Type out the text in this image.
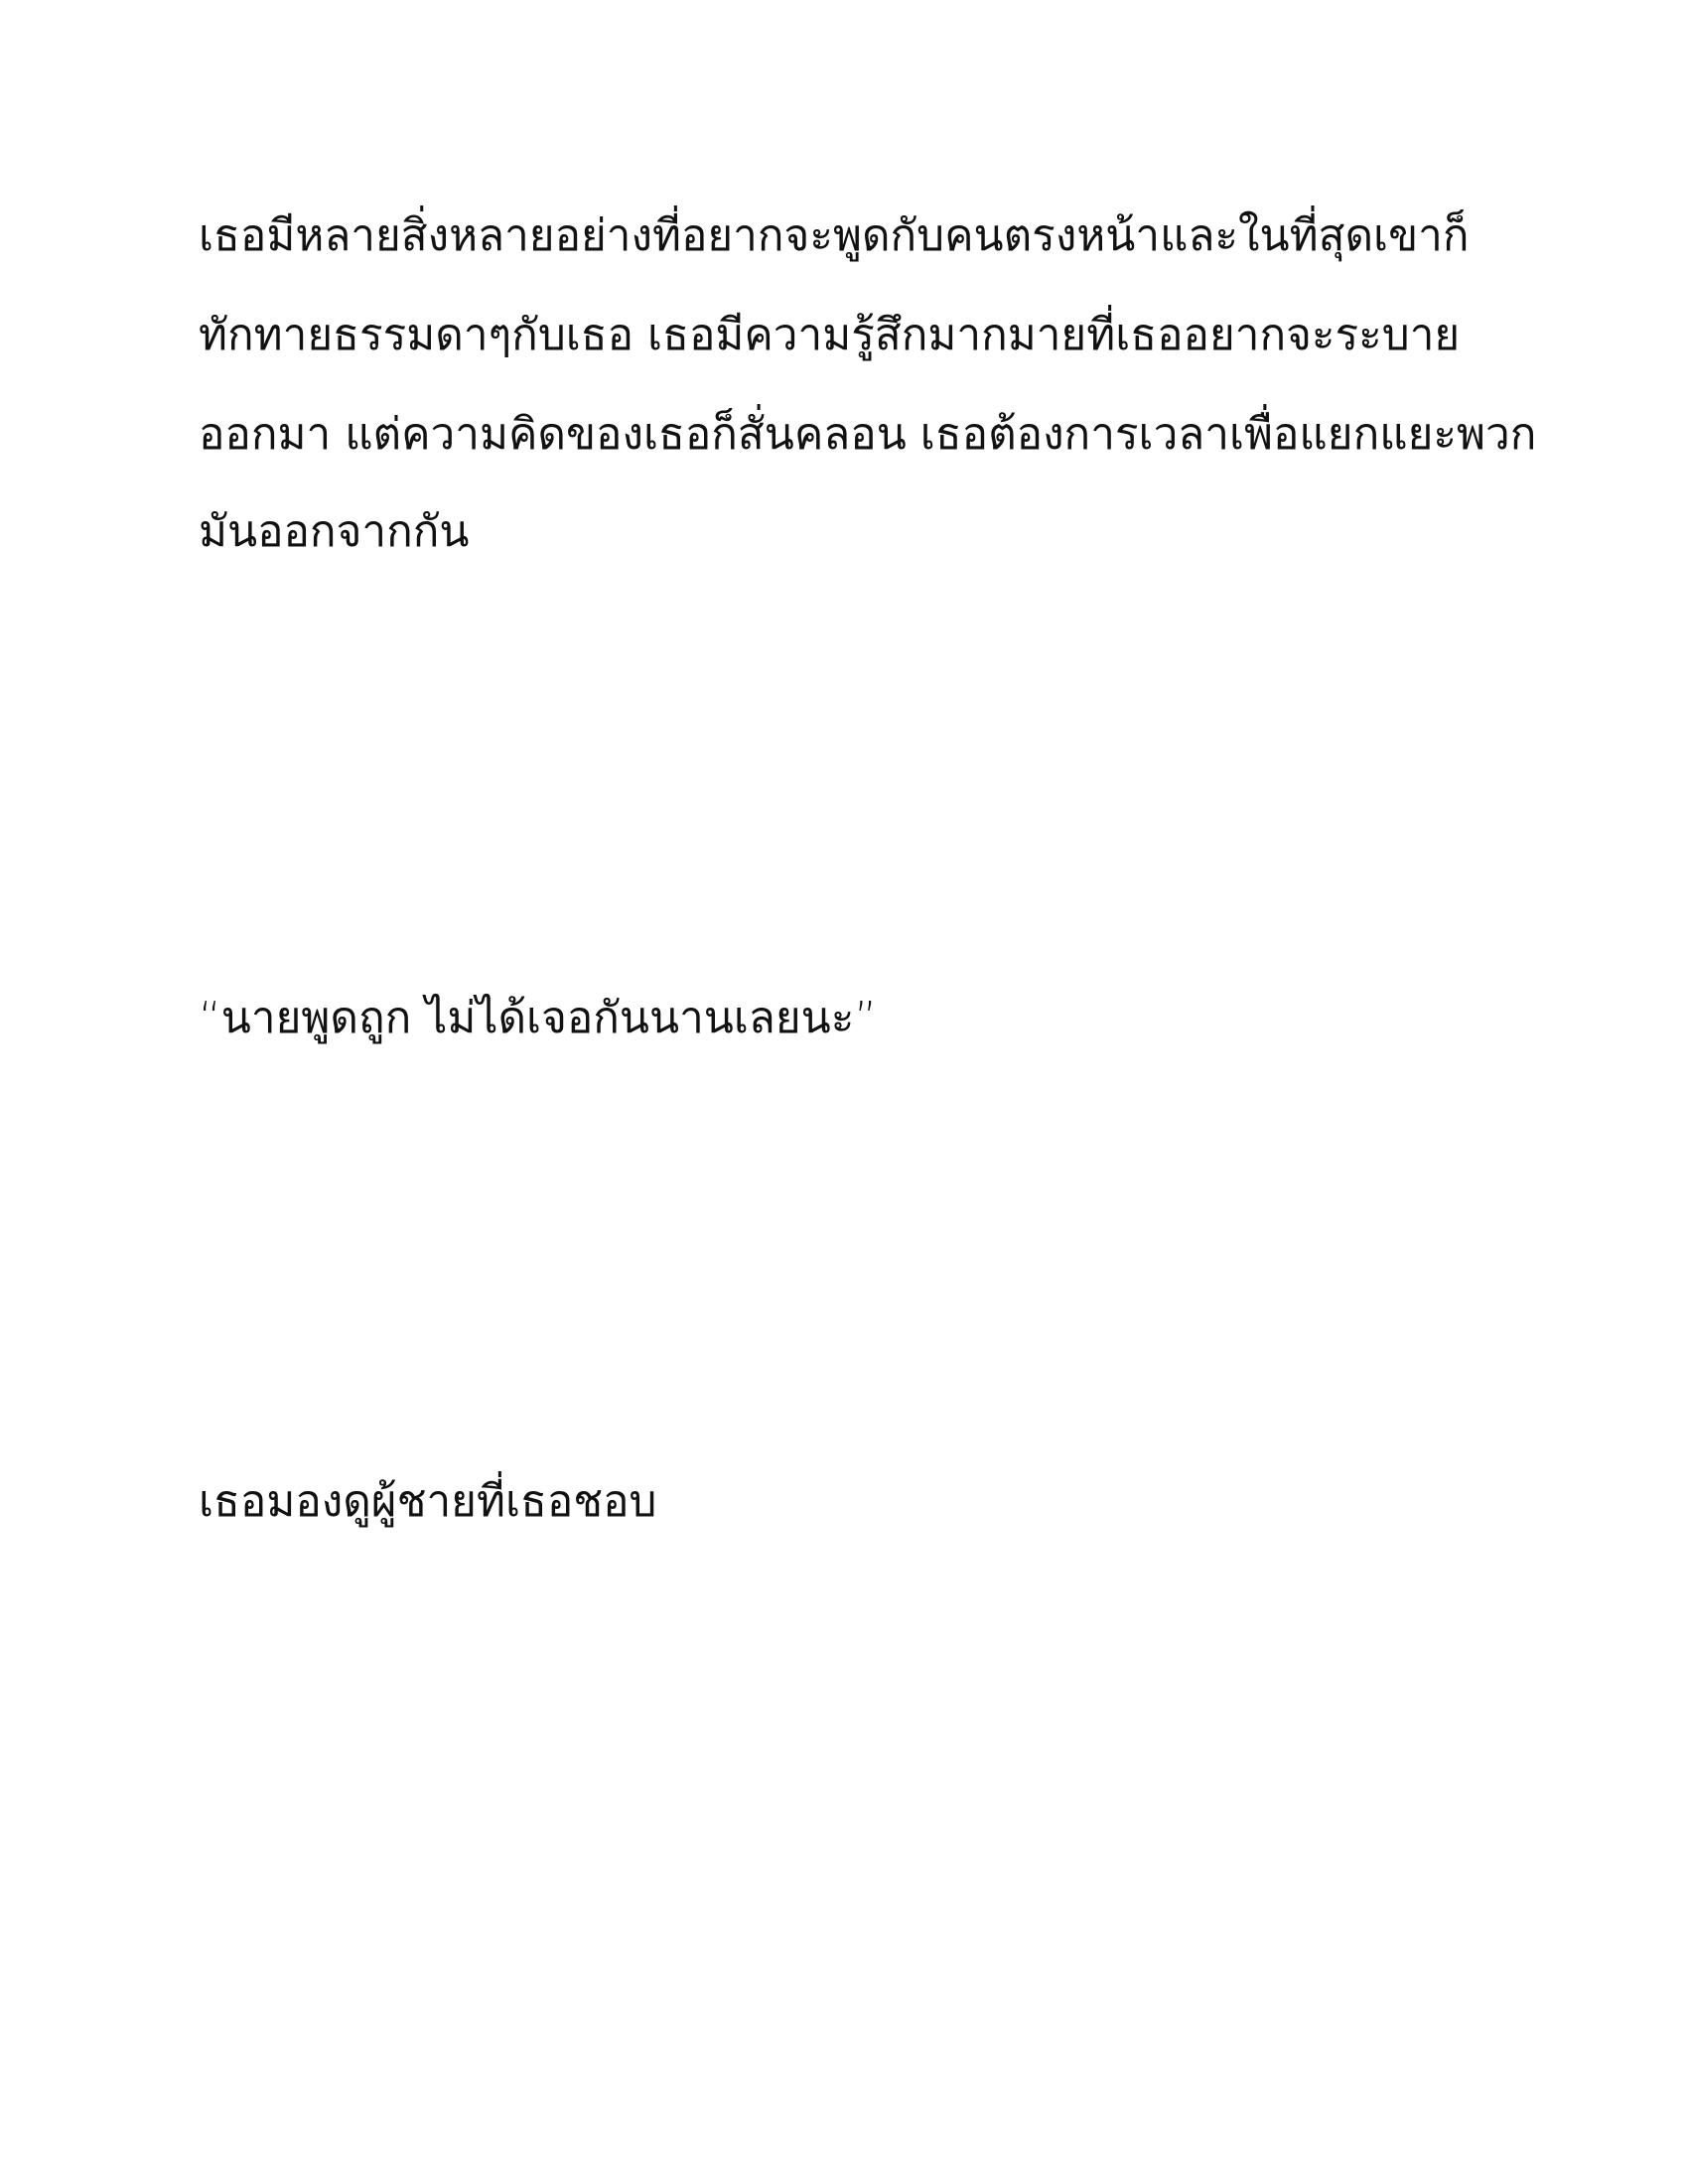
เธอมีหลายสิ่งหลายอย่างที่อยากจะพูดกับคนตรงหน้าและในที่สุดเขาก็

ทักทายธรรมดาๆกับเธอ เธอมีความรู้สึกมากมายที่เธออยากจะระบาย

ออกมา แต่ความคิดของเธอก็สั่นคลอน เธอต้องการเวลาเพื่อแยกแยะพวก

มันออกจากกัน

“นายพูดถูก ไม่ได้เจอกันนานเลยนะ”

เธอมองดูผู้ชายที่เธอชอบ
